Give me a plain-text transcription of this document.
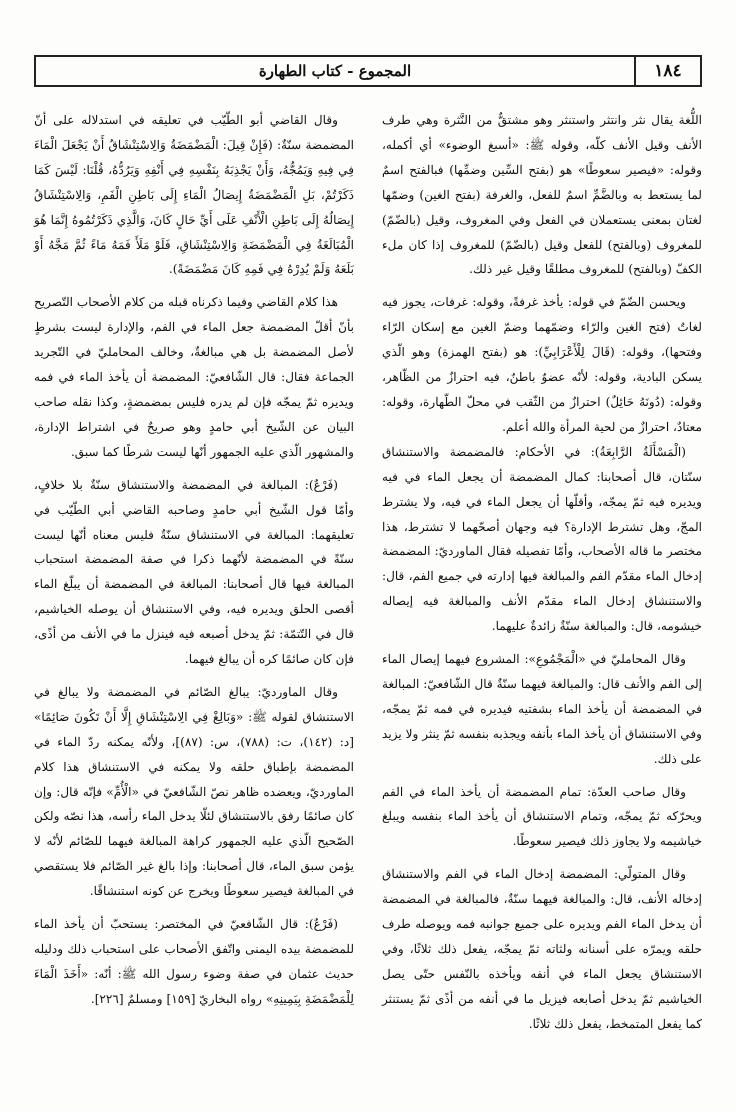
١٨٤
المجموع - كتاب الطهارة

اللُّغة يقال نثر وانتثر واستنثر وهو مشتقٌّ من النَّثرة وهي طرف الأنف وقيل الأنف كلّه، وقوله ﷺ: «أسبغ الوضوء» أي أكمله، وقوله: «فيصير سعوطًا» هو (بفتح السِّين وضمِّها) فبالفتح اسمٌ لما يستعط به وبالضَّمِّ اسمٌ للفعل، والغرفة (بفتح الغين) وضمّها لغتان بمعنى يستعملان في الفعل وفي المغروف، وقيل (بالضّمّ) للمغروف (وبالفتح) للفعل وقيل (بالضّمّ) للمغروف إذا كان ملء الكفّ (وبالفتح) للمغروف مطلقًا وقيل غير ذلك.

ويحسن الضّمّ في قوله: يأخذ غرفةً، وقوله: غرفات، يجوز فيه لغاتٌ (فتح الغين والرّاء وضمّهما وضمّ الغين مع إسكان الرّاء وفتحها)، وقوله: (قَالَ لِلْأَعْرَابِيِّ): هو (بفتح الهمزة) وهو الّذي يسكن البادية، وقوله: لأنّه عضوٌ باطنٌ، فيه احترازٌ من الظّاهر، وقوله: (دُونَهُ حَائِلٌ) احترازٌ من الثّقب في محلّ الطّهارة، وقوله: معتادٌ، احترازٌ من لحية المرأة والله أعلم.

(الْمَسْأَلَةُ الرَّابِعَةُ): في الأحكام: فالمضمضة والاستنشاق سنّتان، قال أصحابنا: كمال المضمضة أن يجعل الماء في فيه ويديره فيه ثمّ يمجّه، وأقلّها أن يجعل الماء في فيه، ولا يشترط المجّ، وهل تشترط الإدارة؟ فيه وجهان أصحّهما لا تشترط، هذا مختصر ما قاله الأصحاب، وأمّا تفصيله فقال الماورديّ: المضمضة إدخال الماء مقدّم الفم والمبالغة فيها إدارته في جميع الفم، قال: والاستنشاق إدخال الماء مقدّم الأنف والمبالغة فيه إيصاله خيشومه، قال: والمبالغة سنّةٌ زائدةٌ عليهما.

وقال المحامليّ في «الْمَجْمُوعِ»: المشروع فيهما إيصال الماء إلى الفم والأنف قال: والمبالغة فيهما سنّةٌ قال الشّافعيّ: المبالغة في المضمضة أن يأخذ الماء بشفتيه فيديره في فمه ثمّ يمجّه، وفي الاستنشاق أن يأخذ الماء بأنفه ويجذبه بنفسه ثمّ ينثر ولا يزيد على ذلك.

وقال صاحب العدّة: تمام المضمضة أن يأخذ الماء في الفم ويحرّكه ثمّ يمجّه، وتمام الاستنشاق أن يأخذ الماء بنفسه ويبلغ خياشيمه ولا يجاوز ذلك فيصير سعوطًا.

وقال المتولّي: المضمضة إدخال الماء في الفم والاستنشاق إدخاله الأنف، قال: والمبالغة فيهما سنّةٌ، فالمبالغة في المضمضة أن يدخل الماء الفم ويديره على جميع جوانبه فمه ويوصله طرف حلقه ويمرّه على أسنانه ولثاته ثمّ يمجّه، يفعل ذلك ثلاثًا، وفي الاستنشاق يجعل الماء في أنفه ويأخذه بالنّفس حتّى يصل الخياشيم ثمّ يدخل أصابعه فيزيل ما في أنفه من أذًى ثمّ يستنثر كما يفعل المتمخط، يفعل ذلك ثلاثًا.

وقال القاضي أبو الطّيّب في تعليقه في استدلاله على أنّ المضمضة سنّةٌ: (فَإِنْ قِيلَ: الْمَضْمَضَةُ وَالِاسْتِنْشَاقُ أَنْ يَجْعَلَ الْمَاءَ فِي فِيهِ وَيَمُجُّهُ، وَأَنْ يَجْذِبَهُ بِنَفْسِهِ فِي أَنْفِهِ وَيَرُدُّهُ، قُلْنَا: لَيْسَ كَمَا ذَكَرْتُمْ، بَلِ الْمَضْمَضَةُ إِيصَالُ الْمَاءِ إِلَى بَاطِنِ الْفَمِ، وَالِاسْتِنْشَاقُ إِيصَالُهُ إِلَى بَاطِنِ الْأَنْفِ عَلَى أَيِّ حَالٍ كَانَ، وَالَّذِي ذَكَرْتُمُوهُ إِنَّمَا هُوَ الْمُبَالَغَةُ فِي الْمَضْمَضَةِ وَالِاسْتِنْشَاقِ، فَلَوْ مَلَأَ فَمَهُ مَاءً ثُمَّ مَجَّهُ أَوْ بَلَعَهُ وَلَمْ يُدِرْهُ فِي فَمِهِ كَانَ مَضْمَضَةً).

هذا كلام القاضي وفيما ذكرناه قبله من كلام الأصحاب التّصريح بأنّ أقلّ المضمضة جعل الماء في الفم، والإدارة ليست بشرطٍ لأصل المضمضة بل هي مبالغةٌ، وخالف المحامليّ في التّجريد الجماعة فقال: قال الشّافعيّ: المضمضة أن يأخذ الماء في فمه ويديره ثمّ يمجّه فإن لم يدره فليس بمضمضةٍ، وكذا نقله صاحب البيان عن الشّيخ أبي حامدٍ وهو صريحٌ في اشتراط الإدارة، والمشهور الّذي عليه الجمهور أنّها ليست شرطًا كما سبق.

(فَرْعٌ): المبالغة في المضمضة والاستنشاق سنّةٌ بلا خلافٍ، وأمّا قول الشّيخ أبي حامدٍ وصاحبه القاضي أبي الطّيّب في تعليقهما: المبالغة في الاستنشاق سنّةٌ فليس معناه أنّها ليست سنّةً في المضمضة لأنّهما ذكرا في صفة المضمضة استحباب المبالغة فيها قال أصحابنا: المبالغة في المضمضة أن يبلّغ الماء أقصى الحلق ويديره فيه، وفي الاستنشاق أن يوصله الخياشيم، قال في التّتمّة: ثمّ يدخل أصبعه فيه فينزل ما في الأنف من أذًى، فإن كان صائمًا كره أن يبالغ فيهما.

وقال الماورديّ: يبالغ الصّائم في المضمضة ولا يبالغ في الاستنشاق لقوله ﷺ: «وَبَالِغْ فِي الِاسْتِنْشَاقِ إِلَّا أَنْ تَكُونَ صَائِمًا» [د: (١٤٢)، ت: (٧٨٨)، س: (٨٧)]، ولأنّه يمكنه ردّ الماء في المضمضة بإطباق حلقه ولا يمكنه في الاستنشاق هذا كلام الماورديّ، ويعضده ظاهر نصّ الشّافعيّ في «الْأُمِّ» فإنّه قال: وإن كان صائمًا رفق بالاستنشاق لئلّا يدخل الماء رأسه، هذا نصّه ولكن الصّحيح الّذي عليه الجمهور كراهة المبالغة فيهما للصّائم لأنّه لا يؤمن سبق الماء، قال أصحابنا: وإذا بالغ غير الصّائم فلا يستقصي في المبالغة فيصير سعوطًا ويخرج عن كونه استنشاقًا.

(فَرْعٌ): قال الشّافعيّ في المختصر: يستحبّ أن يأخذ الماء للمضمضة بيده اليمنى واتّفق الأصحاب على استحباب ذلك ودليله حديث عثمان في صفة وضوء رسول الله ﷺ: أنّه: «أَخَذَ الْمَاءَ لِلْمَضْمَضَةِ بِيَمِينِهِ» رواه البخاريّ [١٥٩] ومسلمٌ [٢٢٦].
